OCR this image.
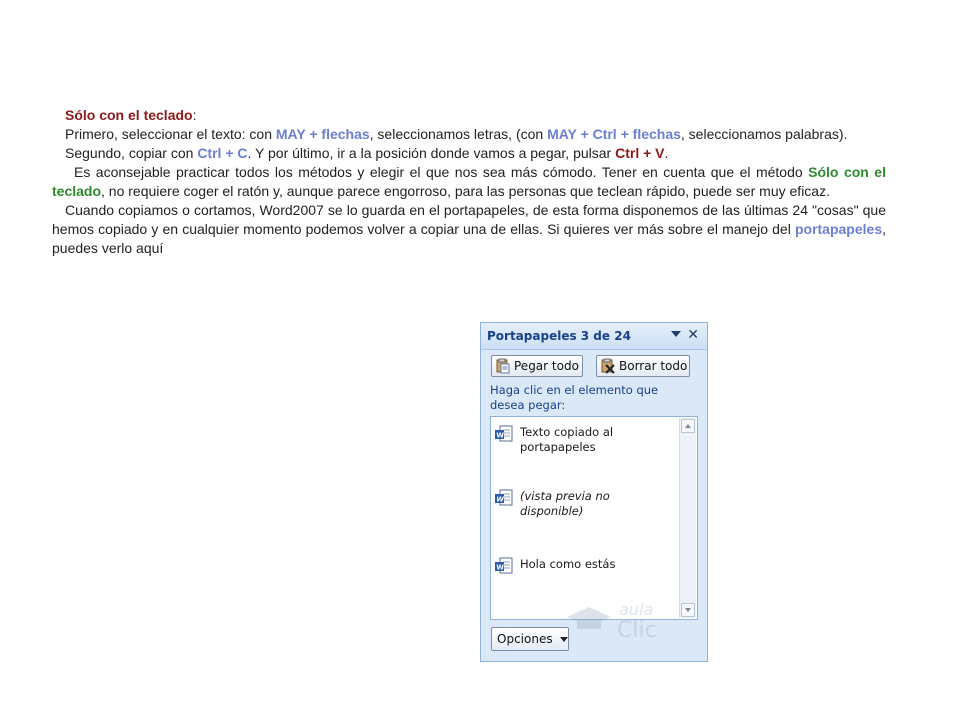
Sólo con el teclado:

Primero, seleccionar el texto: con MAY + flechas, seleccionamos letras, (con MAY + Ctrl + flechas, seleccionamos palabras).

Segundo, copiar con Ctrl + C. Y por último, ir a la posición donde vamos a pegar, pulsar Ctrl + V.

Es aconsejable practicar todos los métodos y elegir el que nos sea más cómodo. Tener en cuenta que el método Sólo con el teclado, no requiere coger el ratón y, aunque parece engorroso, para las personas que teclean rápido, puede ser muy eficaz.

Cuando copiamos o cortamos, Word2007 se lo guarda en el portapapeles, de esta forma disponemos de las últimas 24 "cosas" que hemos copiado y en cualquier momento podemos volver a copiar una de ellas. Si quieres ver más sobre el manejo del portapapeles, puedes verlo aquí

Portapapeles 3 de 24	✕
Pegar todo	Borrar todo
Haga clic en el elemento que desea pegar:
W Texto copiado al portapapeles
W (vista previa no disponible)
W Hola como estás
aula
Clic
Opciones
